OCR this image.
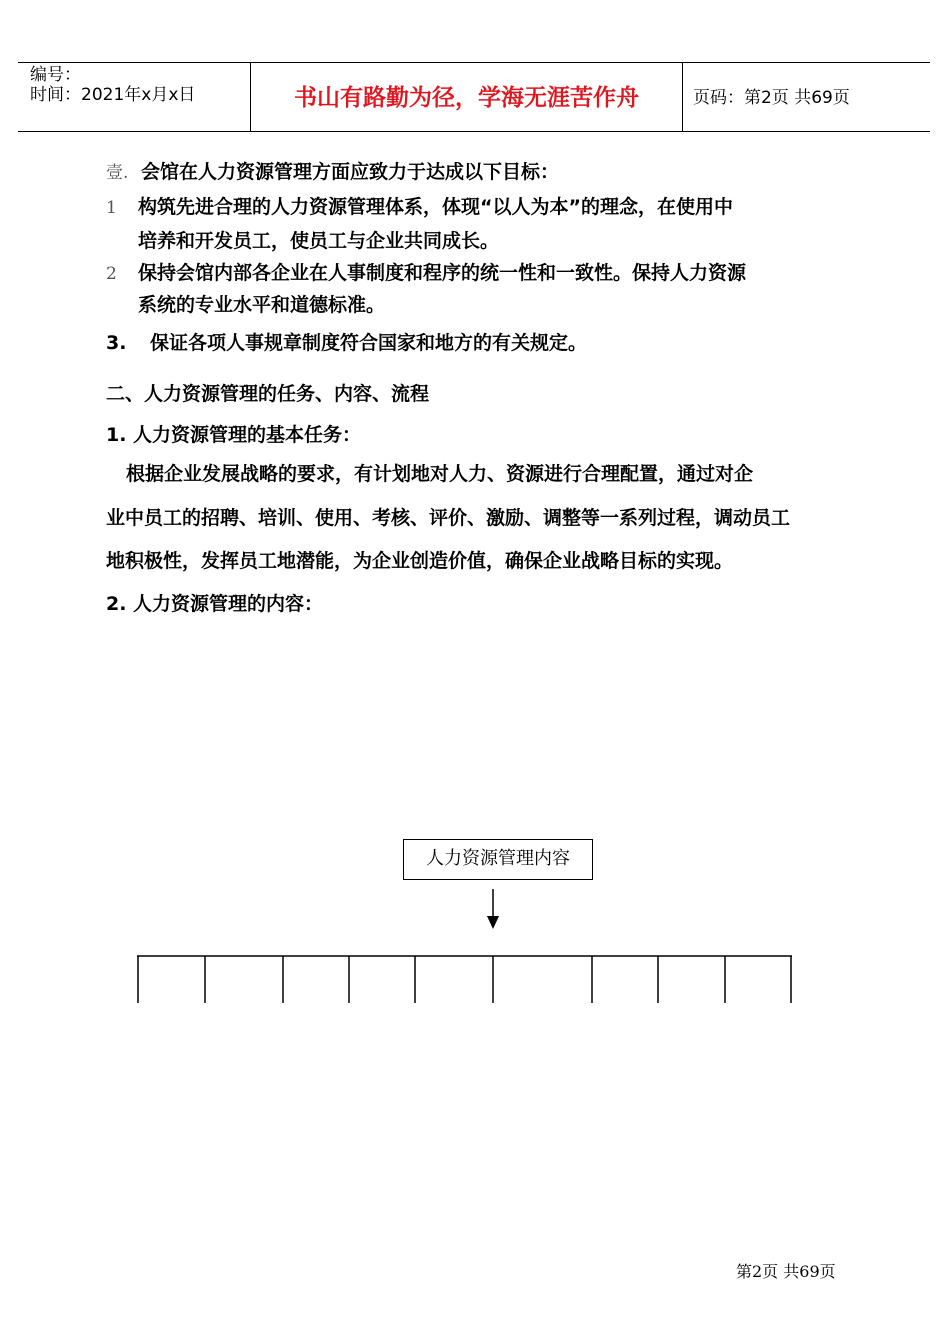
编号：
时间：2021年x月x日	书山有路勤为径，学海无涯苦作舟	页码：第2页 共69页
壹. 会馆在人力资源管理方面应致力于达成以下目标：
1 构筑先进合理的人力资源管理体系，体现“以人为本”的理念，在使用中
培养和开发员工，使员工与企业共同成长。
2 保持会馆内部各企业在人事制度和程序的统一性和一致性。保持人力资源
系统的专业水平和道德标准。
3. 保证各项人事规章制度符合国家和地方的有关规定。
二、人力资源管理的任务、内容、流程
1. 人力资源管理的基本任务：
根据企业发展战略的要求，有计划地对人力、资源进行合理配置，通过对企
业中员工的招聘、培训、使用、考核、评价、激励、调整等一系列过程，调动员工
地积极性，发挥员工地潜能，为企业创造价值，确保企业战略目标的实现。
2. 人力资源管理的内容：
人力资源管理内容
第2页 共69页
